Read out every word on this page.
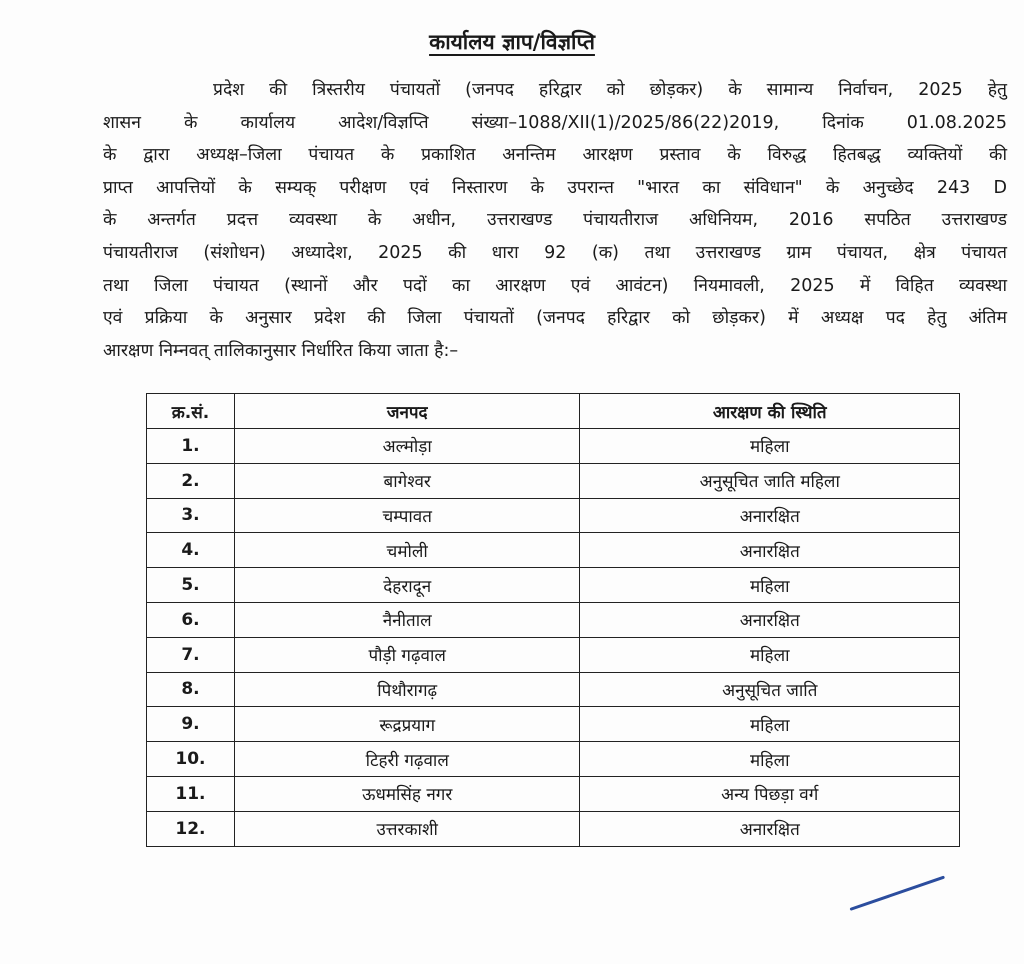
कार्यालय ज्ञाप/विज्ञप्ति
प्रदेश की त्रिस्तरीय पंचायतों (जनपद हरिद्वार को छोड़कर) के सामान्य निर्वाचन, 2025 हेतु
शासन के कार्यालय आदेश/विज्ञप्ति संख्या–1088/XII(1)/2025/86(22)2019, दिनांक 01.08.2025
के द्वारा अध्यक्ष–जिला पंचायत के प्रकाशित अनन्तिम आरक्षण प्रस्ताव के विरुद्ध हितबद्ध व्यक्तियों की
प्राप्त आपत्तियों के सम्यक् परीक्षण एवं निस्तारण के उपरान्त "भारत का संविधान" के अनुच्छेद 243 D
के अन्तर्गत प्रदत्त व्यवस्था के अधीन, उत्तराखण्ड पंचायतीराज अधिनियम, 2016 सपठित उत्तराखण्ड
पंचायतीराज (संशोधन) अध्यादेश, 2025 की धारा 92 (क) तथा उत्तराखण्ड ग्राम पंचायत, क्षेत्र पंचायत
तथा जिला पंचायत (स्थानों और पदों का आरक्षण एवं आवंटन) नियमावली, 2025 में विहित व्यवस्था
एवं प्रक्रिया के अनुसार प्रदेश की जिला पंचायतों (जनपद हरिद्वार को छोड़कर) में अध्यक्ष पद हेतु अंतिम
आरक्षण निम्नवत् तालिकानुसार निर्धारित किया जाता है:–
क्र.सं.	जनपद	आरक्षण की स्थिति
1.	अल्मोड़ा	महिला
2.	बागेश्वर	अनुसूचित जाति महिला
3.	चम्पावत	अनारक्षित
4.	चमोली	अनारक्षित
5.	देहरादून	महिला
6.	नैनीताल	अनारक्षित
7.	पौड़ी गढ़वाल	महिला
8.	पिथौरागढ़	अनुसूचित जाति
9.	रूद्रप्रयाग	महिला
10.	टिहरी गढ़वाल	महिला
11.	ऊधमसिंह नगर	अन्य पिछड़ा वर्ग
12.	उत्तरकाशी	अनारक्षित
